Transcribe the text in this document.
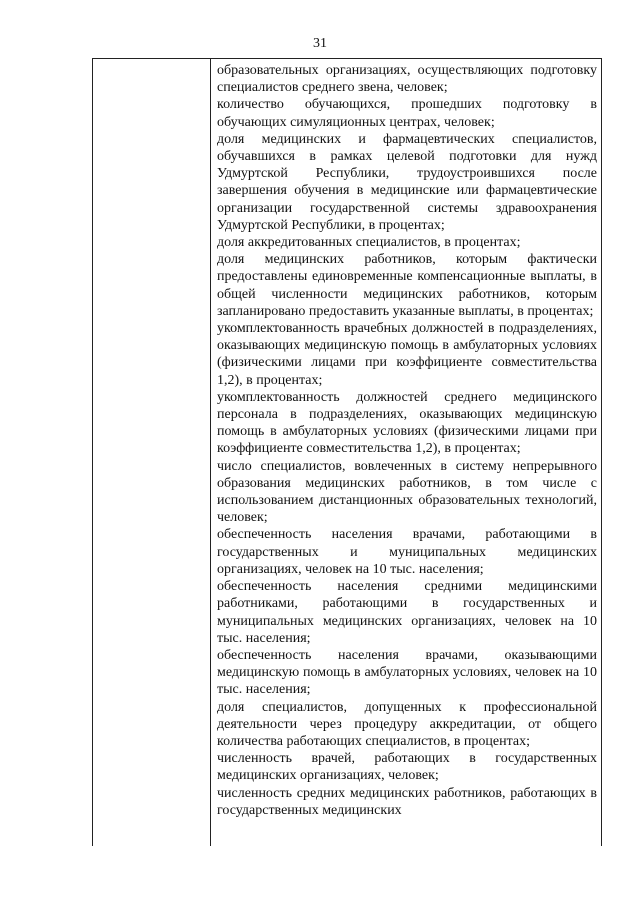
31

образовательных организациях, осуществляющих подготовку специалистов среднего звена, человек;

количество обучающихся, прошедших подготовку в обучающих симуляционных центрах, человек;

доля медицинских и фармацевтических специалистов, обучавшихся в рамках целевой подготовки для нужд Удмуртской Республики, трудоустроившихся после завершения обучения в медицинские или фармацевтические организации государственной системы здравоохранения Удмуртской Республики, в процентах;

доля аккредитованных специалистов, в процентах;

доля медицинских работников, которым фактически предоставлены единовременные компенсационные выплаты, в общей численности медицинских работников, которым запланировано предоставить указанные выплаты, в процентах;

укомплектованность врачебных должностей в подразделениях, оказывающих медицинскую помощь в амбулаторных условиях (физическими лицами при коэффициенте совместительства 1,2), в процентах;

укомплектованность должностей среднего медицинского персонала в подразделениях, оказывающих медицинскую помощь в амбулаторных условиях (физическими лицами при коэффициенте совместительства 1,2), в процентах;

число специалистов, вовлеченных в систему непрерывного образования медицинских работников, в том числе с использованием дистанционных образовательных технологий, человек;

обеспеченность населения врачами, работающими в государственных и муниципальных медицинских организациях, человек на 10 тыс. населения;

обеспеченность населения средними медицинскими работниками, работающими в государственных и муниципальных медицинских организациях, человек на 10 тыс. населения;

обеспеченность населения врачами, оказывающими медицинскую помощь в амбулаторных условиях, человек на 10 тыс. населения;

доля специалистов, допущенных к профессиональной деятельности через процедуру аккредитации, от общего количества работающих специалистов, в процентах;

численность врачей, работающих в государственных медицинских организациях, человек;

численность средних медицинских работников, работающих в государственных медицинских
